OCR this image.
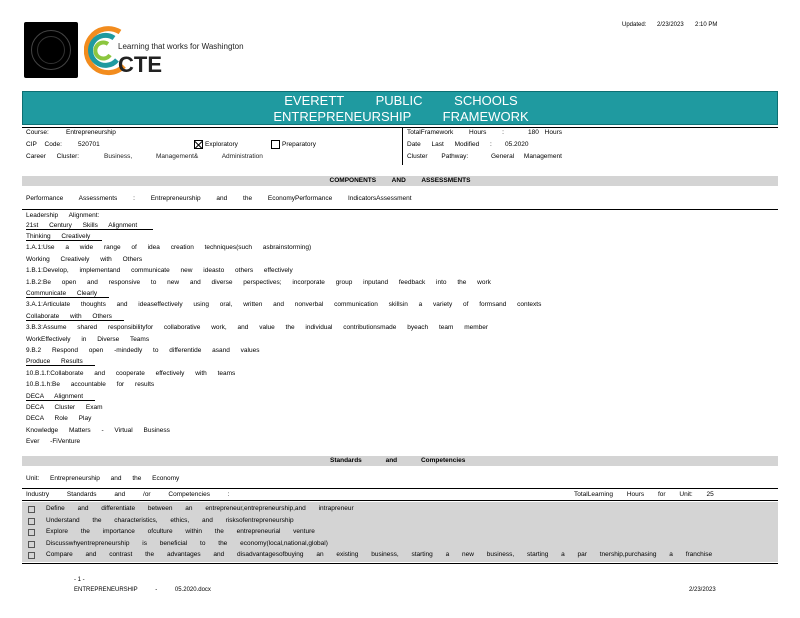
Learning that works for Washington
CTE
Updated: 2/23/2023 2:10 PM
EVERETT PUBLIC SCHOOLS
ENTREPRENEURSHIP FRAMEWORK
Course:	Entrepreneurship
CIP Code: 520701	Exploratory	Preparatory
Career Cluster:	Business, Management& Administration
TotalFramework Hours :	180 Hours
Date Last Modified : 05.2020
Cluster Pathway:	General Management
COMPONENTS AND ASSESSMENTS
Performance Assessments : Entrepreneurship and the EconomyPerformance IndicatorsAssessment
Leadership Alignment:
21st Century Skills Alignment
Thinking Creatively
1.A.1:Use a wide range of idea creation techniques(such asbrainstorming)
Working Creatively with Others
1.B.1:Develop, implementand communicate new ideasto others effectively
1.B.2:Be open and responsive to new and diverse perspectives; incorporate group inputand feedback into the work
Communicate Clearly
3.A.1:Articulate thoughts and ideaseffectively using oral, written and nonverbal communication skillsin a variety of formsand contexts
Collaborate with Others
3.B.3:Assume shared responsibilityfor collaborative work, and value the individual contributionsmade byeach team member
WorkEffectively in Diverse Teams
9.B.2 Respond open -mindedly to differentide asand values
Produce Results
10.B.1.f:Collaborate and cooperate effectively with teams
10.B.1.h:Be accountable for results
DECA Alignment
DECA Cluster Exam
DECA Role Play
Knowledge Matters - Virtual Business
Ever -FiVenture
Standards and Competencies
Unit: Entrepreneurship and the Economy
Industry Standards and /or Competencies :	TotalLearning Hours for Unit: 25
Define and differentiate between an entrepreneur,entrepreneurship,and intrapreneur
Understand the characteristics, ethics, and risksofentrepreneurship
Explore the importance ofculture within the entrepreneurial venture
Discusswhyentrepreneurship is beneficial to the economy(local,national,global)
Compare and contrast the advantages and disadvantagesofbuying an existing business, starting a new business, starting a par tnership,purchasing a franchise
- 1 -
ENTREPRENEURSHIP - 05.2020.docx	2/23/2023
